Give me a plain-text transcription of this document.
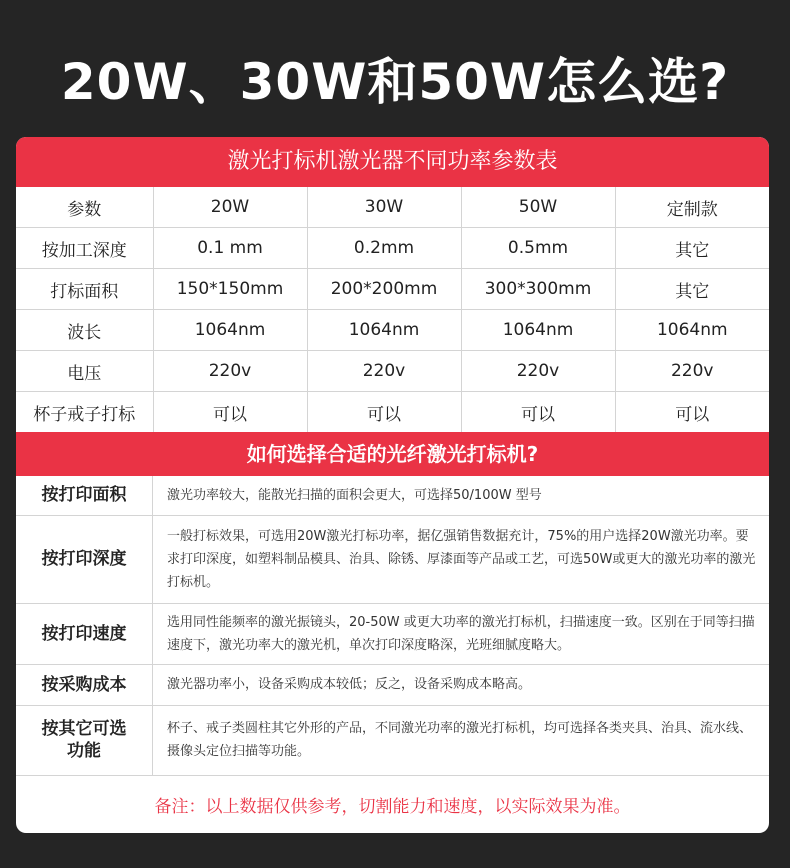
20W、30W和50W怎么选?
激光打标机激光器不同功率参数表
参数	20W	30W	50W	定制款
按加工深度	0.1 mm	0.2mm	0.5mm	其它
打标面积	150*150mm	200*200mm	300*300mm	其它
波长	1064nm	1064nm	1064nm	1064nm
电压	220v	220v	220v	220v
杯子戒子打标	可以	可以	可以	可以
如何选择合适的光纤激光打标机?
按打印面积	激光功率较大，能散光扫描的面积会更大，可选择50/100W 型号
按打印深度	一般打标效果，可选用20W激光打标功率，据亿强销售数据充计，75%的用户选择20W激光功率。要求打印深度，如塑料制品模具、治具、除锈、厚漆面等产品或工艺，可选50W或更大的激光功率的激光打标机。
按打印速度	选用同性能频率的激光振镜头，20-50W 或更大功率的激光打标机，扫描速度一致。区别在于同等扫描速度下，激光功率大的激光机，单次打印深度略深，光班细腻度略大。
按采购成本	激光器功率小，设备采购成本较低；反之，设备采购成本略高。
按其它可选功能	杯子、戒子类圆柱其它外形的产品，不同激光功率的激光打标机，均可选择各类夹具、治具、流水线、摄像头定位扫描等功能。
备注：以上数据仅供参考，切割能力和速度，以实际效果为准。
